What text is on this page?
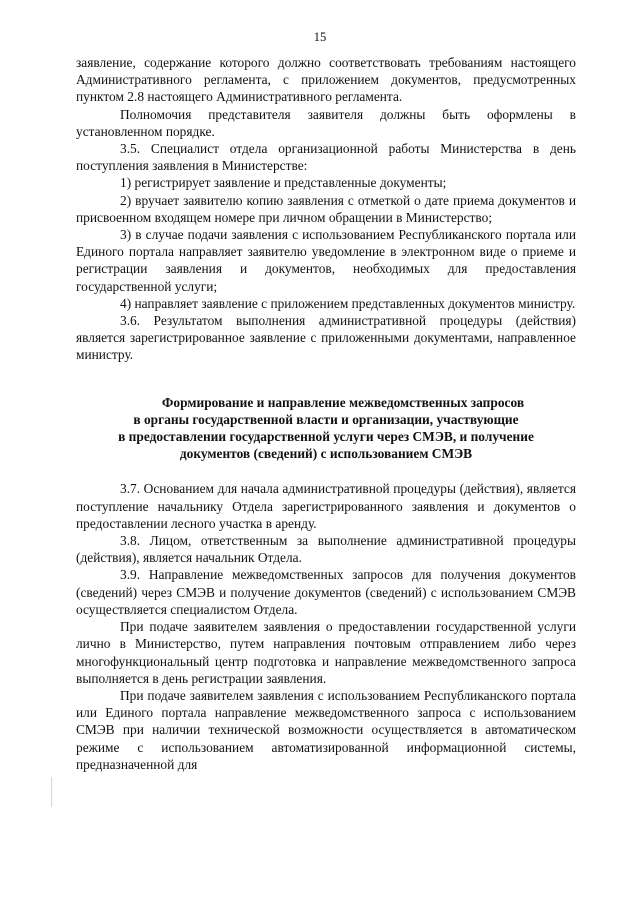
15

заявление, содержание которого должно соответствовать требованиям настоящего Административного регламента, с приложением документов, предусмотренных пунктом 2.8 настоящего Административного регламента.

Полномочия представителя заявителя должны быть оформлены в установленном порядке.

3.5. Специалист отдела организационной работы Министерства в день поступления заявления в Министерстве:

1) регистрирует заявление и представленные документы;

2) вручает заявителю копию заявления с отметкой о дате приема документов и присвоенном входящем номере при личном обращении в Министерство;

3) в случае подачи заявления с использованием Республиканского портала или Единого портала направляет заявителю уведомление в электронном виде о приеме и регистрации заявления и документов, необходимых для предоставления государственной услуги;

4) направляет заявление с приложением представленных документов министру.

3.6. Результатом выполнения административной процедуры (действия) является зарегистрированное заявление с приложенными документами, направленное министру.

Формирование и направление межведомственных запросов
в органы государственной власти и организации, участвующие
в предоставлении государственной услуги через СМЭВ, и получение
документов (сведений) с использованием СМЭВ

3.7. Основанием для начала административной процедуры (действия), является поступление начальнику Отдела зарегистрированного заявления и документов о предоставлении лесного участка в аренду.

3.8. Лицом, ответственным за выполнение административной процедуры (действия), является начальник Отдела.

3.9. Направление межведомственных запросов для получения документов (сведений) через СМЭВ и получение документов (сведений) с использованием СМЭВ осуществляется специалистом Отдела.

При подаче заявителем заявления о предоставлении государственной услуги лично в Министерство, путем направления почтовым отправлением либо через многофункциональный центр подготовка и направление межведомственного запроса выполняется в день регистрации заявления.

При подаче заявителем заявления с использованием Республиканского портала или Единого портала направление межведомственного запроса с использованием СМЭВ при наличии технической возможности осуществляется в автоматическом режиме с использованием автоматизированной информационной системы, предназначенной для
